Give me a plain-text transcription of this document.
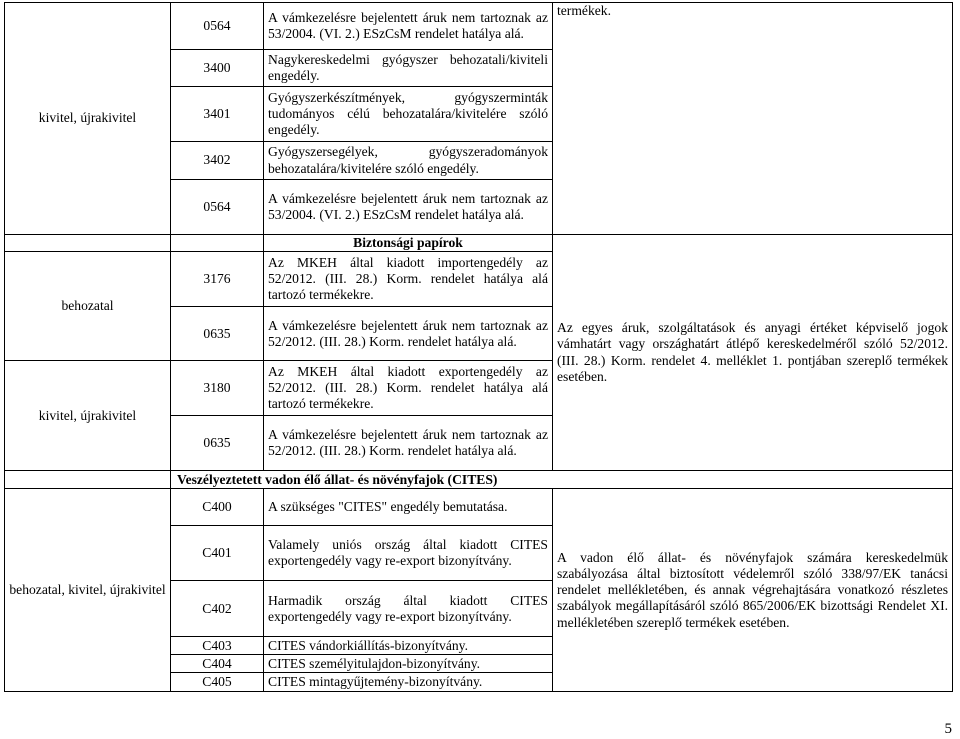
kivitel, újrakivitel	0564	A vámkezelésre bejelentett áruk nem tartoznak az 53/2004. (VI. 2.) ESzCsM rendelet hatálya alá.	termékek.
	3400	Nagykereskedelmi gyógyszer behozatali/kiviteli engedély.	
	3401	Gyógyszerkészítmények, gyógyszerminták tudományos célú behozatalára/kivitelére szóló engedély.	
	3402	Gyógyszersegélyek, gyógyszeradományok behozatalára/kivitelére szóló engedély.	
	0564	A vámkezelésre bejelentett áruk nem tartoznak az 53/2004. (VI. 2.) ESzCsM rendelet hatálya alá.	
		Biztonsági papírok	Az egyes áruk, szolgáltatások és anyagi értéket képviselő jogok vámhatárt vagy országhatárt átlépő kereskedelméről szóló 52/2012. (III. 28.) Korm. rendelet 4. melléklet 1. pontjában szereplő termékek esetében.
behozatal	3176	Az MKEH által kiadott importengedély az 52/2012. (III. 28.) Korm. rendelet hatálya alá tartozó termékekre.	
	0635	A vámkezelésre bejelentett áruk nem tartoznak az 52/2012. (III. 28.) Korm. rendelet hatálya alá.	
kivitel, újrakivitel	3180	Az MKEH által kiadott exportengedély az 52/2012. (III. 28.) Korm. rendelet hatálya alá tartozó termékekre.	
	0635	A vámkezelésre bejelentett áruk nem tartoznak az 52/2012. (III. 28.) Korm. rendelet hatálya alá.	
	Veszélyeztetett vadon élő állat- és növényfajok (CITES)		
behozatal, kivitel, újrakivitel	C400	A szükséges "CITES" engedély bemutatása.	A vadon élő állat- és növényfajok számára kereskedelmük szabályozása által biztosított védelemről szóló 338/97/EK tanácsi rendelet mellékletében, és annak végrehajtására vonatkozó részletes szabályok megállapításáról szóló 865/2006/EK bizottsági Rendelet XI. mellékletében szereplő termékek esetében.
	C401	Valamely uniós ország által kiadott CITES exportengedély vagy re-export bizonyítvány.	
	C402	Harmadik ország által kiadott CITES exportengedély vagy re-export bizonyítvány.	
	C403	CITES vándorkiállítás-bizonyítvány.	
	C404	CITES személyitulajdon-bizonyítvány.	
	C405	CITES mintagyűjtemény-bizonyítvány.	
5
